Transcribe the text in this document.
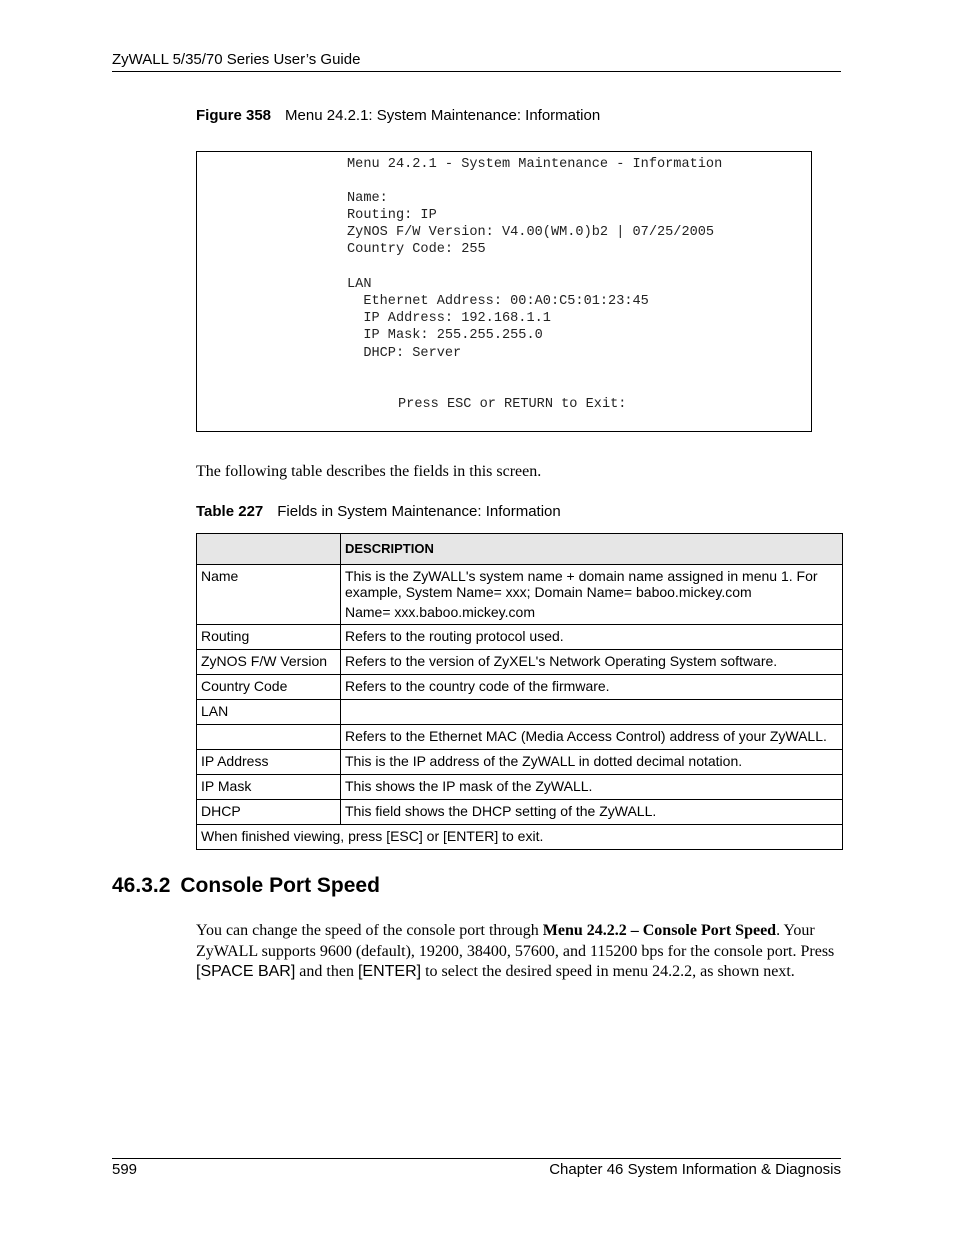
ZyWALL 5/35/70 Series User’s Guide
Figure 358 Menu 24.2.1: System Maintenance: Information
Menu 24.2.1 - System Maintenance - Information
Name:
Routing: IP
ZyNOS F/W Version: V4.00(WM.0)b2 | 07/25/2005
Country Code: 255
LAN
Ethernet Address: 00:A0:C5:01:23:45
IP Address: 192.168.1.1
IP Mask: 255.255.255.0
DHCP: Server
Press ESC or RETURN to Exit:
The following table describes the fields in this screen.
Table 227 Fields in System Maintenance: Information
	DESCRIPTION
Name	This is the ZyWALL's system name + domain name assigned in menu 1. For example, System Name= xxx; Domain Name= baboo.mickey.com

Name= xxx.baboo.mickey.com

Routing	Refers to the routing protocol used.
ZyNOS F/W Version	Refers to the version of ZyXEL's Network Operating System software.
Country Code	Refers to the country code of the firmware.
LAN	
	Refers to the Ethernet MAC (Media Access Control) address of your ZyWALL.
IP Address	This is the IP address of the ZyWALL in dotted decimal notation.
IP Mask	This shows the IP mask of the ZyWALL.
DHCP	This field shows the DHCP setting of the ZyWALL.
When finished viewing, press [ESC] or [ENTER] to exit.	
46.3.2 Console Port Speed
You can change the speed of the console port through Menu 24.2.2 – Console Port Speed. Your ZyWALL supports 9600 (default), 19200, 38400, 57600, and 115200 bps for the console port. Press [SPACE BAR] and then [ENTER] to select the desired speed in menu 24.2.2, as shown next.
599	Chapter 46 System Information & Diagnosis
